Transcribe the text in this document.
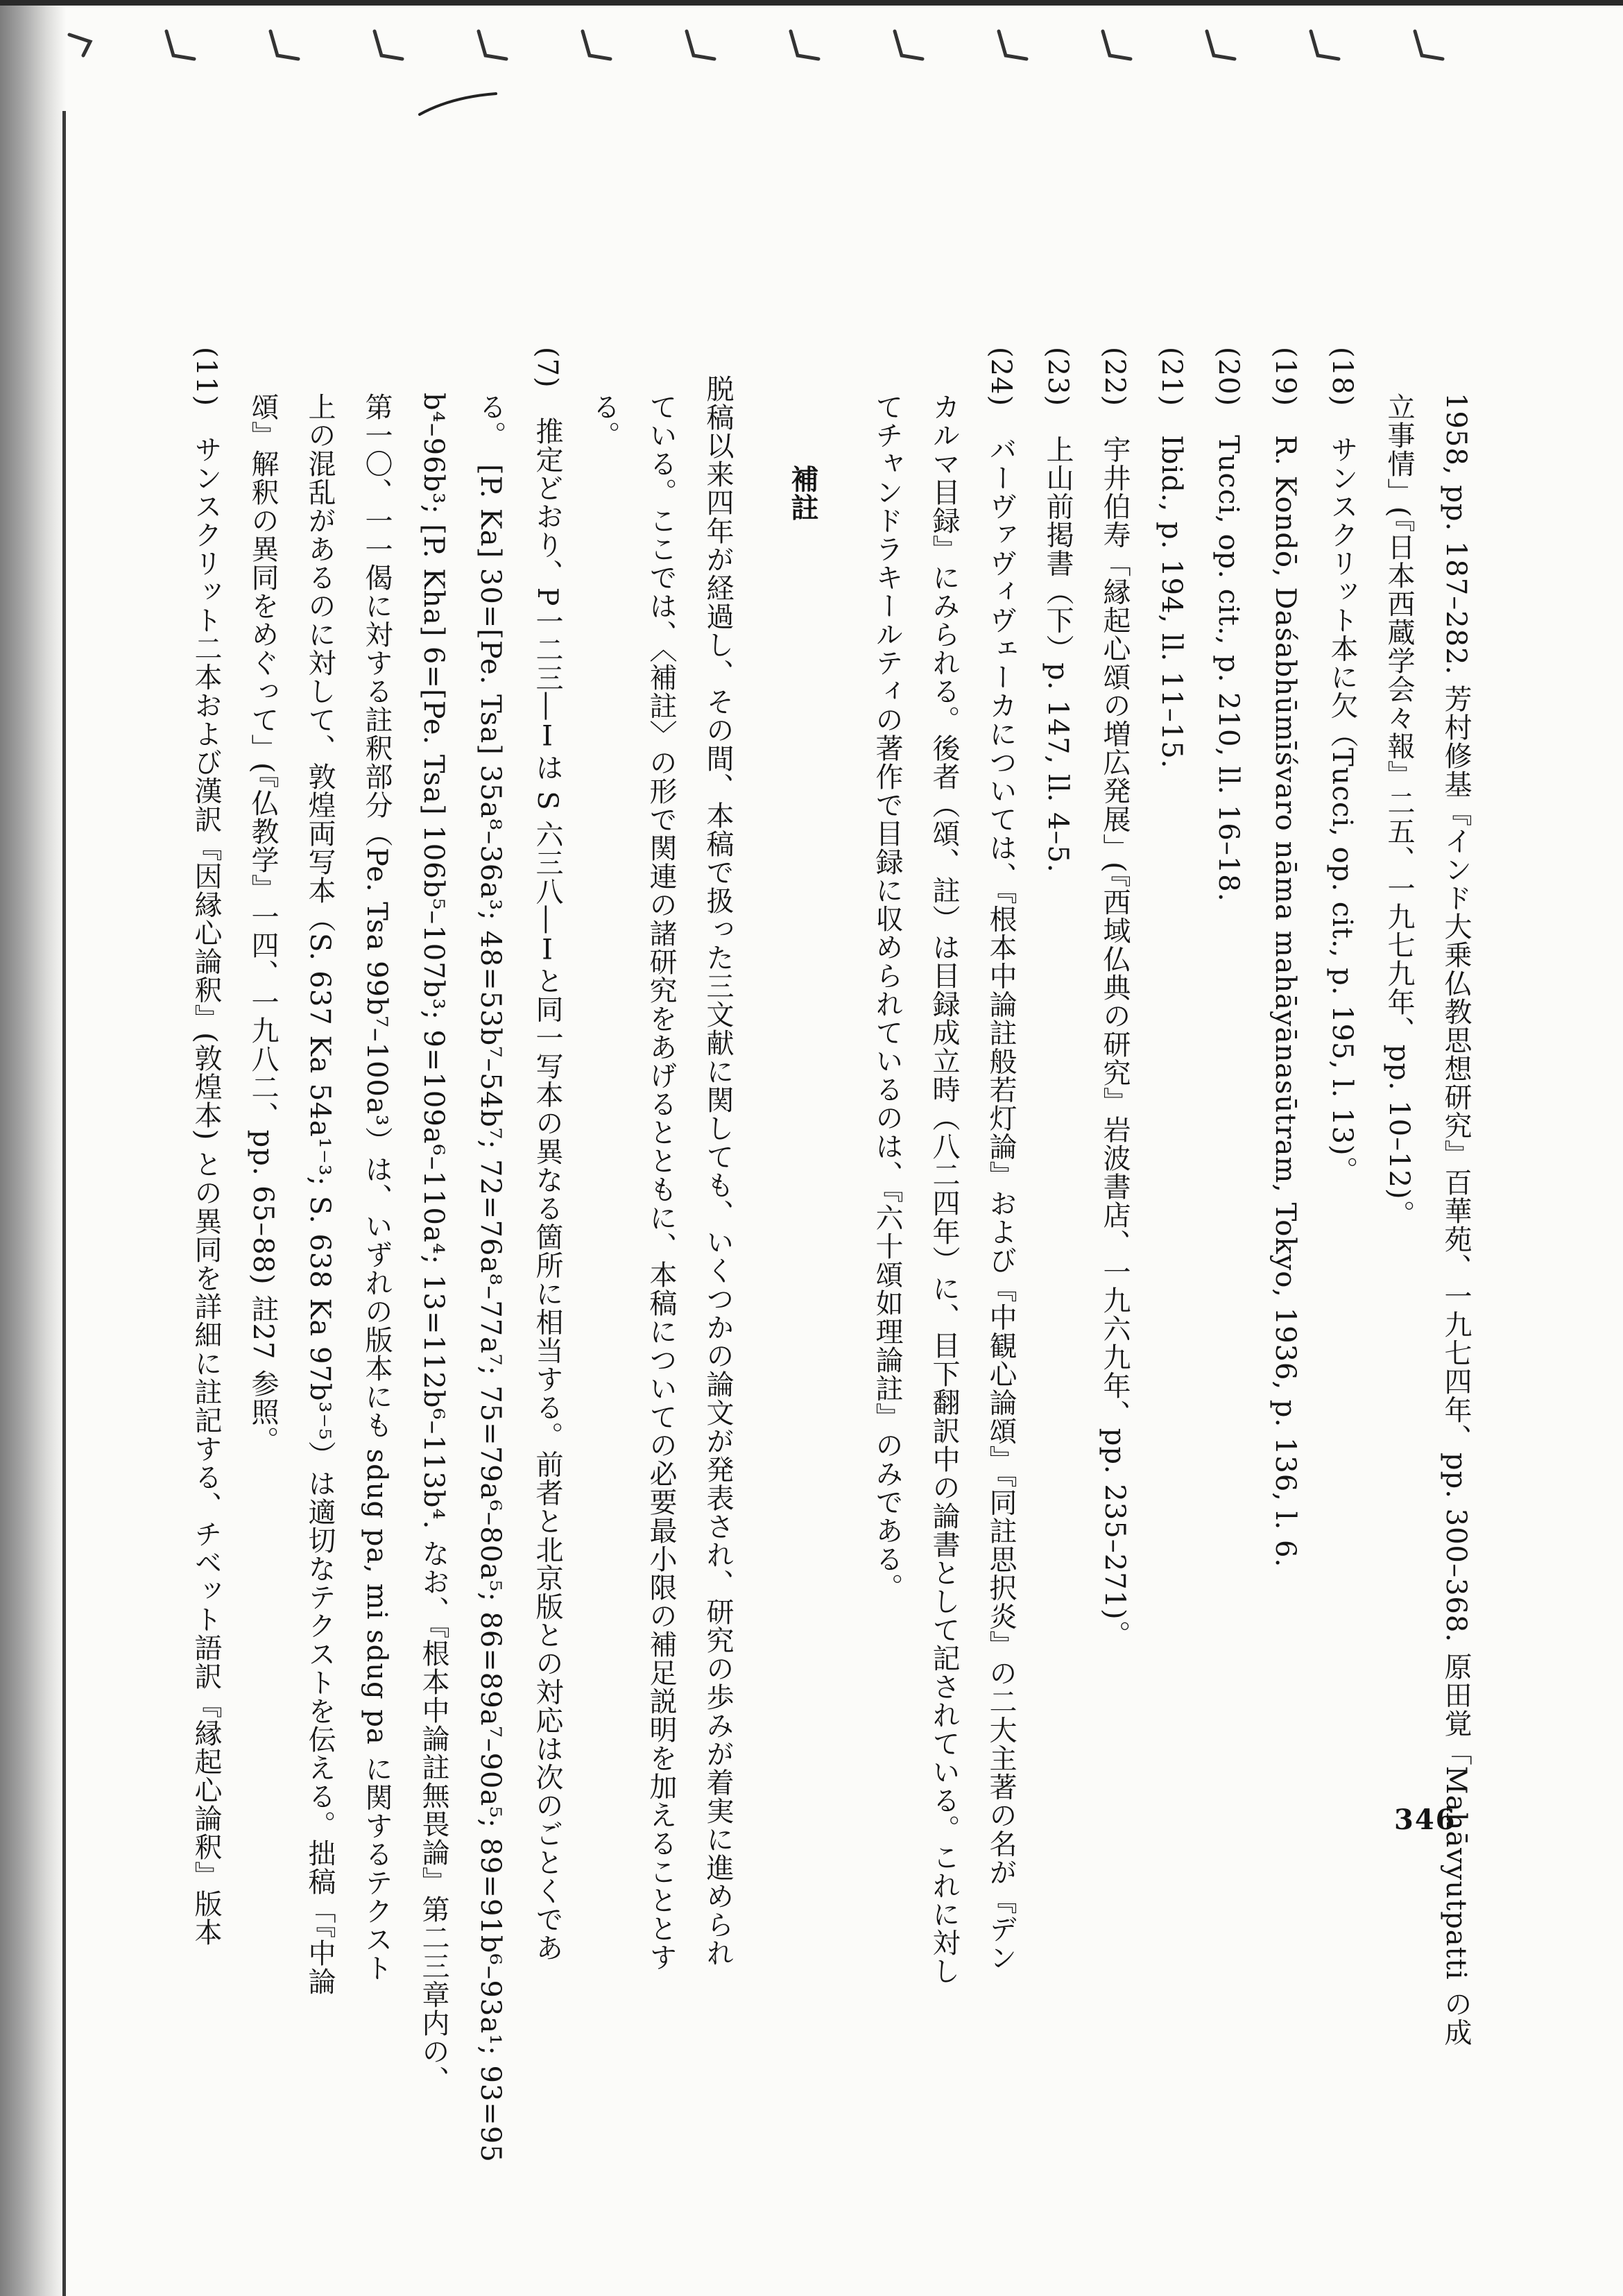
1958, pp. 187–282. 芳村修基『インド大乗仏教思想研究』百華苑、一九七四年、pp. 300–368. 原田覚「Mahāvyutpatti の成
立事情」(『日本西蔵学会々報』二五、一九七九年、pp. 10–12)。
(18)　サンスクリット本に欠（Tucci, op. cit., p. 195, l. 13)。
(19)　R. Kondō, Daśabhūmīśvaro nāma mahāyānasūtram, Tokyo, 1936, p. 136, l. 6.
(20)　Tucci, op. cit., p. 210, ll. 16–18.
(21)　Ibid., p. 194, ll. 11–15.
(22)　宇井伯寿「縁起心頌の増広発展」(『西域仏典の研究』岩波書店、一九六九年、pp. 235–271)。
(23)　上山前掲書（下）p. 147, ll. 4–5.
(24)　バーヴァヴィヴェーカについては、『根本中論註般若灯論』および『中観心論頌』『同註思択炎』の二大主著の名が『デン
カルマ目録』にみられる。後者（頌、註）は目録成立時（八二四年）に、目下翻訳中の論書として記されている。これに対し
てチャンドラキールティの著作で目録に収められているのは、『六十頌如理論註』のみである。
補註
脱稿以来四年が経過し、その間、本稿で扱った三文献に関しても、いくつかの論文が発表され、研究の歩みが着実に進められ
ている。ここでは、〈補註〉の形で関連の諸研究をあげるとともに、本稿についての必要最小限の補足説明を加えることとす
る。
(7)　推定どおり、P一二三―Ⅰは S 六三八―Ⅰと同一写本の異なる箇所に相当する。前者と北京版との対応は次のごとくであ
る。　[P. Ka] 30=[Pe. Tsa] 35a⁸–36a³; 48=53b⁷–54b⁷; 72=76a⁸–77a⁷; 75=79a⁶–80a⁵; 86=89a⁷–90a⁵; 89=91b⁶–93a¹; 93=95
b⁴–96b³; [P. Kha] 6=[Pe. Tsa] 106b⁵–107b³; 9=109a⁶–110a⁴; 13=112b⁶–113b⁴. なお、『根本中論註無畏論』第二三章内の、
第一〇、一一偈に対する註釈部分（Pe. Tsa 99b⁷–100a³）は、いずれの版本にも sdug pa, mi sdug pa に関するテクスト
上の混乱があるのに対して、敦煌両写本（S. 637 Ka 54a¹⁻³; S. 638 Ka 97b³⁻⁵）は適切なテクストを伝える。拙稿「『中論
頌』解釈の異同をめぐって」(『仏教学』一四、一九八二、pp. 65–88) 註27 参照。
(11)　サンスクリット二本および漢訳『因縁心論釈』(敦煌本) との異同を詳細に註記する、チベット語訳『縁起心論釈』版本	346
